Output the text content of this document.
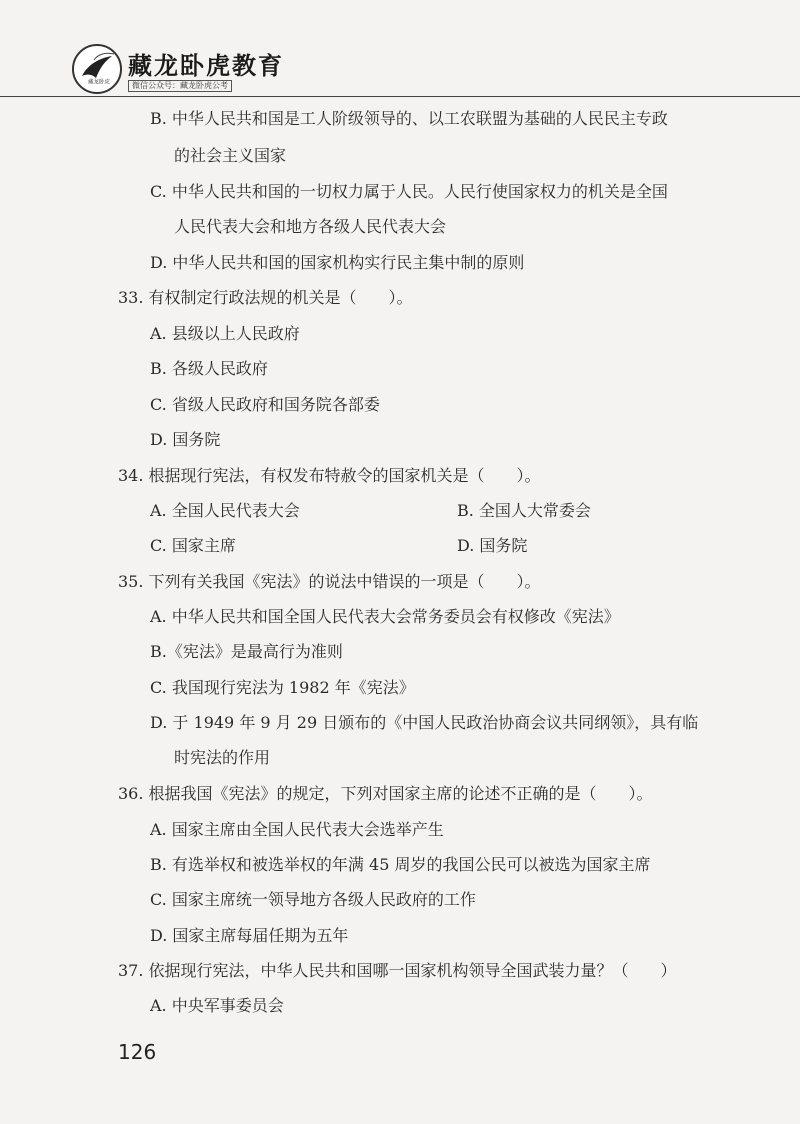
藏龙卧虎
藏龙卧虎教育
微信公众号：藏龙卧虎公考
B. 中华人民共和国是工人阶级领导的、以工农联盟为基础的人民民主专政
的社会主义国家
C. 中华人民共和国的一切权力属于人民。人民行使国家权力的机关是全国
人民代表大会和地方各级人民代表大会
D. 中华人民共和国的国家机构实行民主集中制的原则
33. 有权制定行政法规的机关是（　　）。
A. 县级以上人民政府
B. 各级人民政府
C. 省级人民政府和国务院各部委
D. 国务院
34. 根据现行宪法，有权发布特赦令的国家机关是（　　）。
A. 全国人民代表大会	B. 全国人大常委会
C. 国家主席	D. 国务院
35. 下列有关我国《宪法》的说法中错误的一项是（　　）。
A. 中华人民共和国全国人民代表大会常务委员会有权修改《宪法》
B.《宪法》是最高行为准则
C. 我国现行宪法为 1982 年《宪法》
D. 于 1949 年 9 月 29 日颁布的《中国人民政治协商会议共同纲领》，具有临
时宪法的作用
36. 根据我国《宪法》的规定，下列对国家主席的论述不正确的是（　　）。
A. 国家主席由全国人民代表大会选举产生
B. 有选举权和被选举权的年满 45 周岁的我国公民可以被选为国家主席
C. 国家主席统一领导地方各级人民政府的工作
D. 国家主席每届任期为五年
37. 依据现行宪法，中华人民共和国哪一国家机构领导全国武装力量？（　　）
A. 中央军事委员会
126
